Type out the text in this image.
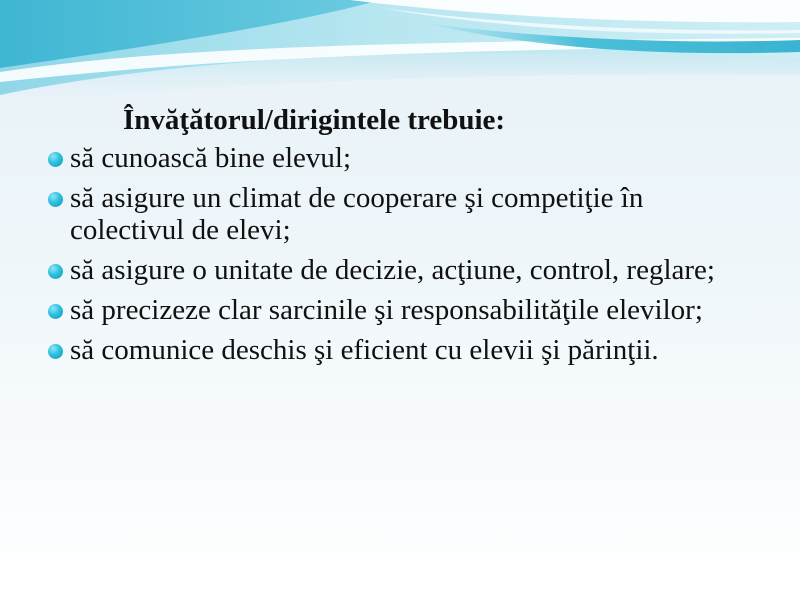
Învăţătorul/dirigintele trebuie:
să cunoască bine elevul;
să asigure un climat de cooperare şi competiţie în colectivul de elevi;
să asigure o unitate de decizie, acţiune, control, reglare;
să precizeze clar sarcinile şi responsabilităţile elevilor;
să comunice deschis şi eficient cu elevii şi părinţii.
